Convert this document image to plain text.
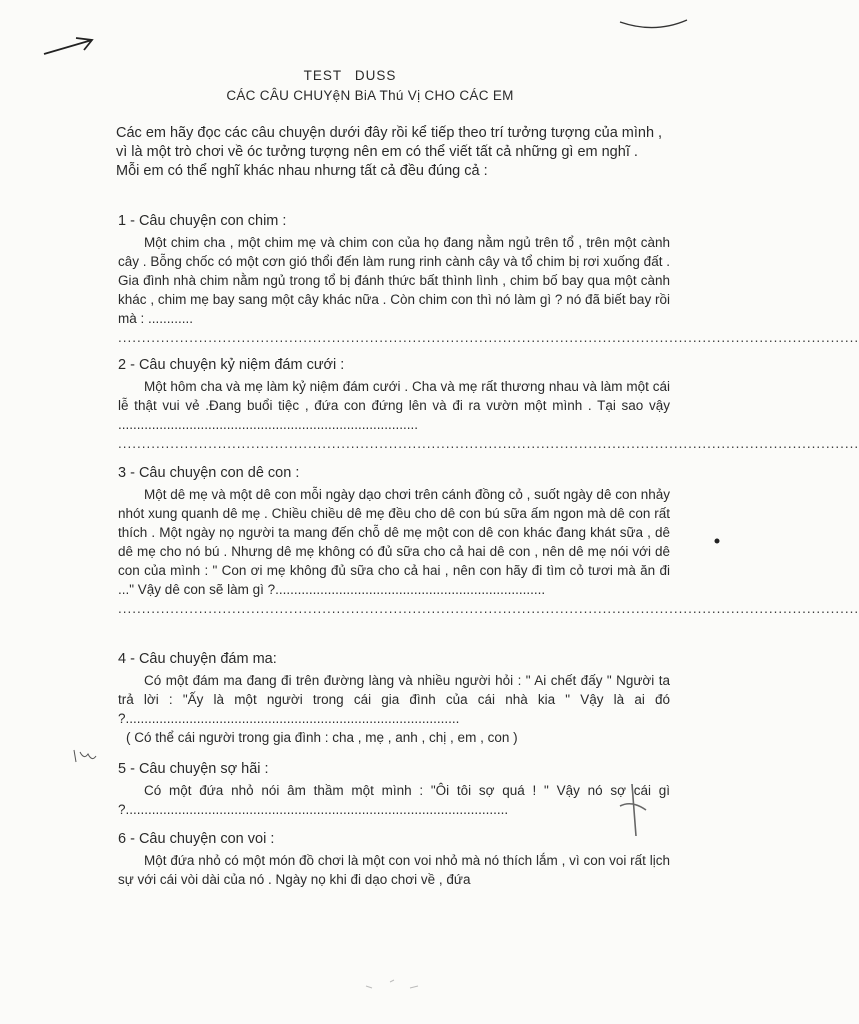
TEST DUSS
CÁC CÂU CHUYệN BiA Thú Vị CHO CÁC EM
Các em hãy đọc các câu chuyện dưới đây rồi kể tiếp theo trí tưởng tượng của mình , vì là một trò chơi về óc tưởng tượng nên em có thể viết tất cả những gì em nghĩ . Mỗi em có thể nghĩ khác nhau nhưng tất cả đều đúng cả :
1 - Câu chuyện con chim :
Một chim cha , một chim mẹ và chim con của họ đang nằm ngủ trên tổ , trên một cành cây . Bỗng chốc có một cơn gió thổi đến làm rung rinh cành cây và tổ chim bị rơi xuống đất . Gia đình nhà chim nằm ngủ trong tổ bị đánh thức bất thình lình , chim bố bay qua một cành khác , chim mẹ bay sang một cây khác nữa . Còn chim con thì nó làm gì ? nó đã biết bay rồi mà : ............
............................................................................................................................................................
2 - Câu chuyện kỷ niệm đám cưới :
Một hôm cha và mẹ làm kỷ niệm đám cưới . Cha và mẹ rất thương nhau và làm một cái lễ thật vui vẻ .Đang buổi tiệc , đứa con đứng lên và đi ra vườn một mình . Tại sao vậy ................................................................................
............................................................................................................................................................
3 - Câu chuyện con dê con :
Một dê mẹ và một dê con mỗi ngày dạo chơi trên cánh đồng cỏ , suốt ngày dê con nhảy nhót xung quanh dê mẹ . Chiều chiều dê mẹ đều cho dê con bú sữa ấm ngon mà dê con rất thích . Một ngày nọ người ta mang đến chỗ dê mẹ một con dê con khác đang khát sữa , dê dê mẹ cho nó bú . Nhưng dê mẹ không có đủ sữa cho cả hai dê con , nên dê mẹ nói với dê con của mình : " Con ơi mẹ không đủ sữa cho cả hai , nên con hãy đi tìm cỏ tươi mà ăn đi ..." Vậy dê con sẽ làm gì ?........................................................................
............................................................................................................................................................
4 - Câu chuyện đám ma:
Có một đám ma đang đi trên đường làng và nhiều người hỏi : " Ai chết đấy " Người ta trả lời : "Ấy là một người trong cái gia đình của cái nhà kia " Vậy là ai đó ?.........................................................................................
( Có thể cái người trong gia đình : cha , mẹ , anh , chị , em , con )
5 - Câu chuyện sợ hãi :
Có một đứa nhỏ nói âm thầm một mình : "Ôi tôi sợ quá ! " Vậy nó sợ cái gì ?......................................................................................................
6 - Câu chuyện con voi :
Một đứa nhỏ có một món đồ chơi là một con voi nhỏ mà nó thích lắm , vì con voi rất lịch sự với cái vòi dài của nó . Ngày nọ khi đi dạo chơi về , đứa
